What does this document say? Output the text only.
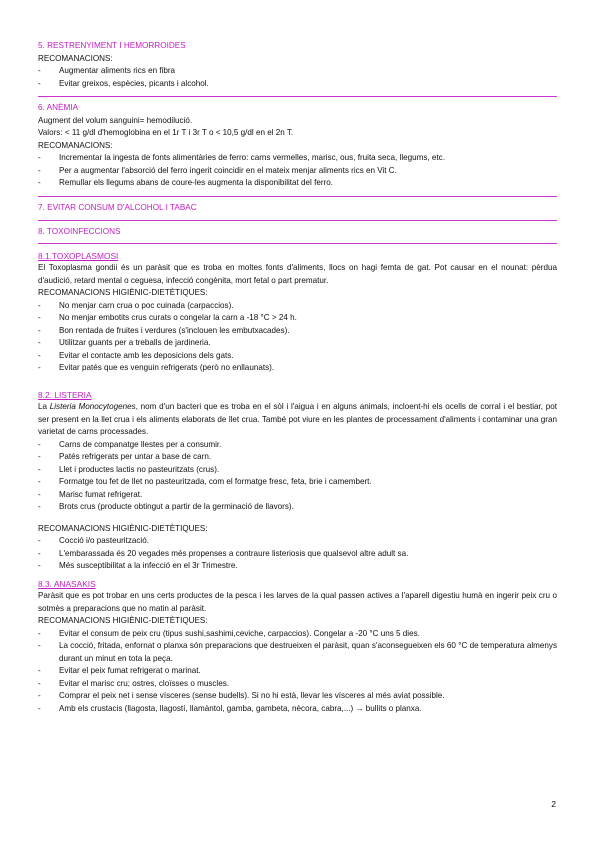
5. RESTRENYIMENT I HEMORROIDES
RECOMANACIONS:
- Augmentar aliments rics en fibra
- Evitar greixos, espècies, picants i alcohol.
6. ANÈMIA
Augment del volum sanguini= hemodilució.
Valors: < 11 g/dl d'hemoglobina en el 1r T i 3r T o < 10,5 g/dl en el 2n T.
RECOMANACIONS:
- Incrementar la ingesta de fonts alimentàries de ferro: carns vermelles, marisc, ous, fruita seca, llegums, etc.
- Per a augmentar l'absorció del ferro ingerit coincidir en el mateix menjar aliments rics en Vit C.
- Remullar els llegums abans de coure-les augmenta la disponibilitat del ferro.
7. EVITAR CONSUM D'ALCOHOL I TABAC
8. TOXOINFECCIONS
8.1.TOXOPLASMOSI

El Toxoplasma gondii és un paràsit que es troba en moltes fonts d'aliments, llocs on hagi femta de gat. Pot causar en el nounat: pèrdua d'audició, retard mental o ceguesa, infecció congènita, mort fetal o part prematur.

RECOMANACIONS HIGIÈNIC-DIETÈTIQUES:
- No menjar carn crua o poc cuinada (carpaccios).
- No menjar embotits crus curats o congelar la carn a -18 °C > 24 h.
- Bon rentada de fruites i verdures (s'inclouen les embutxacades).
- Utilitzar guants per a treballs de jardineria.
- Evitar el contacte amb les deposicions dels gats.
- Evitar patés que es venguin refrigerats (però no enllaunats).
8.2. LISTERIA

La Listeria Monocytogenes, nom d'un bacteri que es troba en el sòl i l'aigua i en alguns animals, incloent-hi els ocells de corral i el bestiar, pot ser present en la llet crua i els aliments elaborats de llet crua. També pot viure en les plantes de processament d'aliments i contaminar una gran varietat de carns processades.

- Carns de companatge llestes per a consumir.
- Patés refrigerats per untar a base de carn.
- Llet i productes lactis no pasteuritzats (crus).
- Formatge tou fet de llet no pasteuritzada, com el formatge fresc, feta, brie i camembert.
- Marisc fumat refrigerat.
- Brots crus (producte obtingut a partir de la germinació de llavors).
RECOMANACIONS HIGIÈNIC-DIETÈTIQUES:
- Cocció i/o pasteurització.
- L'embarassada és 20 vegades més propenses a contraure listeriosis que qualsevol altre adult sa.
- Més susceptibilitat a la infecció en el 3r Trimestre.
8.3. ANASAKIS

Paràsit que es pot trobar en uns certs productes de la pesca i les larves de la qual passen actives a l'aparell digestiu humà en ingerir peix cru o sotmès a preparacions que no matin al paràsit.

RECOMANACIONS HIGIÈNIC-DIETÈTIQUES:
- Evitar el consum de peix cru (tipus sushi,sashimi,ceviche, carpaccios). Congelar a -20 °C uns 5 dies.
- La cocció, fritada, enfornat o planxa són preparacions que destrueixen el paràsit, quan s'aconsegueixen els 60 °C de temperatura almenys durant un minut en tota la peça.
- Evitar el peix fumat refrigerat o marinat.
- Evitar el marisc cru; ostres, cloïsses o muscles.
- Comprar el peix net i sense vísceres (sense budells). Si no hi està, llevar les vísceres al més aviat possible.
- Amb els crustacis (llagosta, llagostí, llamàntol, gamba, gambeta, nècora, cabra,...) → bullits o planxa.
2
